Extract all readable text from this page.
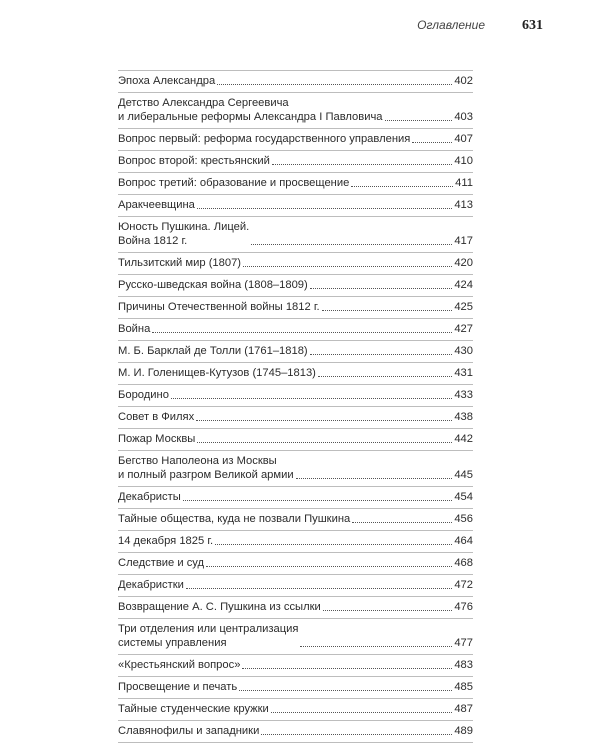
Оглавление	631
Эпоха Александра	402
Детство Александра Сергеевича
и либеральные реформы Александра I Павловича	403
Вопрос первый: реформа государственного управления	407
Вопрос второй: крестьянский	410
Вопрос третий: образование и просвещение	411
Аракчеевщина	413
Юность Пушкина. Лицей.
Война 1812 г.	417
Тильзитский мир (1807)	420
Русско-шведская война (1808–1809)	424
Причины Отечественной войны 1812 г.	425
Война	427
М. Б. Барклай де Толли (1761–1818)	430
М. И. Голенищев-Кутузов (1745–1813)	431
Бородино	433
Совет в Филях	438
Пожар Москвы	442
Бегство Наполеона из Москвы
и полный разгром Великой армии	445
Декабристы	454
Тайные общества, куда не позвали Пушкина	456
14 декабря 1825 г.	464
Следствие и суд	468
Декабристки	472
Возвращение А. С. Пушкина из ссылки	476
Три отделения или централизация
системы управления	477
«Крестьянский вопрос»	483
Просвещение и печать	485
Тайные студенческие кружки	487
Славянофилы и западники	489
